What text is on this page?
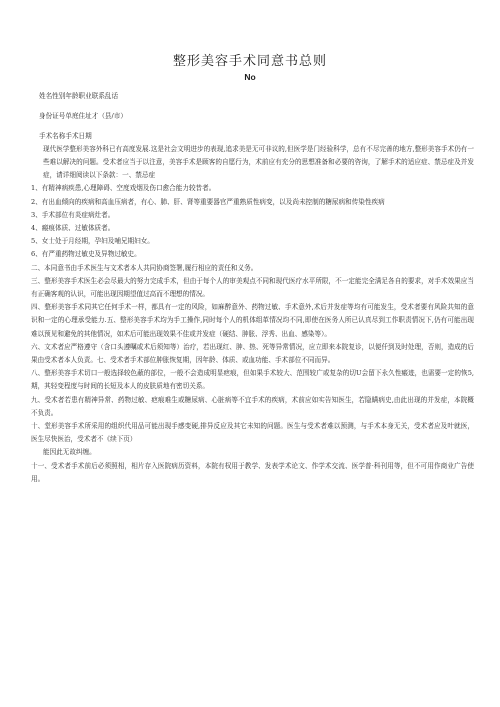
整形美容手术同意书总则
No

姓名性别年龄职业联系乱话

身份证号单庭住址才（县/市）

手术名称手术日期

现代医学整形美容外科已有高度发展.这是社会文明进步的表现,追求美是无可非议的,但医学是门经验科学，总有不尽完善的地方,整形美容手术仍有一些难以解决的问题。受术者应当于以注意，美容手术是顾客的自愿行为，术前应有充分的思想准备和必要的咨询，了解手术的适应症、禁忌症及并发症，请详细阅读以下条款：一、禁忌症

1、有精神病疾患,心理障碍、空度戏烟及伤口愈合能力较昔者。

2、有出血倾向的疾病和高血压病者，有心、肺、肝、肾等重要器官严重熟质性病变，以及尚未控制的糖尿病和传染性疾病

3、手术部位有炎症病灶者。

4、瘢痕体质、过敏体质者。

5、女士处于月经期，孕妇及哺兄期妇女。

6、有严重药物过敏史及异物过敏史。

二、本同意书由手术医生与文术者本人共同协商签署,履行相应的责任和义务。

三、整形美容手术医生必会尽最大的努力完成手术，但由于每个人的审美观点不同和现代医疗水平所限，不一定能完全满足各自的要求，对手术效果应当有正确客观的认识，可能出现因期望值过高而不理想的情况。

四、整形美容手术同其它任何手术一样，都具有一定的风险，如麻醉意外、药物过敏、手术意外,术后并发症等均有可能发生，受术者要有风险共知的意识和一定的心理承受能力.五、整形美容手术均为手工操作,同时每个人的机体组革情况均不同,即使在医务人所已认真尽到工作职责情况下,仍有可能出现难以预见和避免的其他情况，如术后可能出现效果不佳或并发症（硬结、肿胀、浮秀、出血、感染等）。

六、文术者应严格遵守（含口头遵嘱或术后须知等）治疗，若出现红、肿、热、死等异常情况，应立即来本院复诊，以便仟到及时处理，否则，造成的后果由受术者本人负责。七、受术者手术部位肿胀恢复期，因年龄、体质、或血功能、手术部位不同而异。

八、整形美容手术切口一般选择较色蔽的部位，一般不会造成明显疤痕，但如果手术较大、范围较广或复杂的切U会留下永久性瘢迹，也需要一定的恢5,期，其轻变程度与时间的长短及本人的皮肤质地有密切关系。

九、受术者若患有精神异常、药物过敏、疤痕难生或糖尿病、心脏病等不宜手术的疾病，术前应如实告知医生，若隐瞒病史,由此出现的并发症，本院概不负责。

十、堂形美容手术所采用的组织代用品可能出现手感变硬,排异反应及其它未知的问题。医生与受术者难以预测，与手术本身无关，受术者应及叶就医，医生尽快医治，受术者不《续下页）

能因此无故纠缠。

十一、受术者手术前后必须照相，相片存入医院病历资料，本院有权用于教学、发表学术论文、作学术交流、医学普·科刊用等，但不可用作商业广告使用。
